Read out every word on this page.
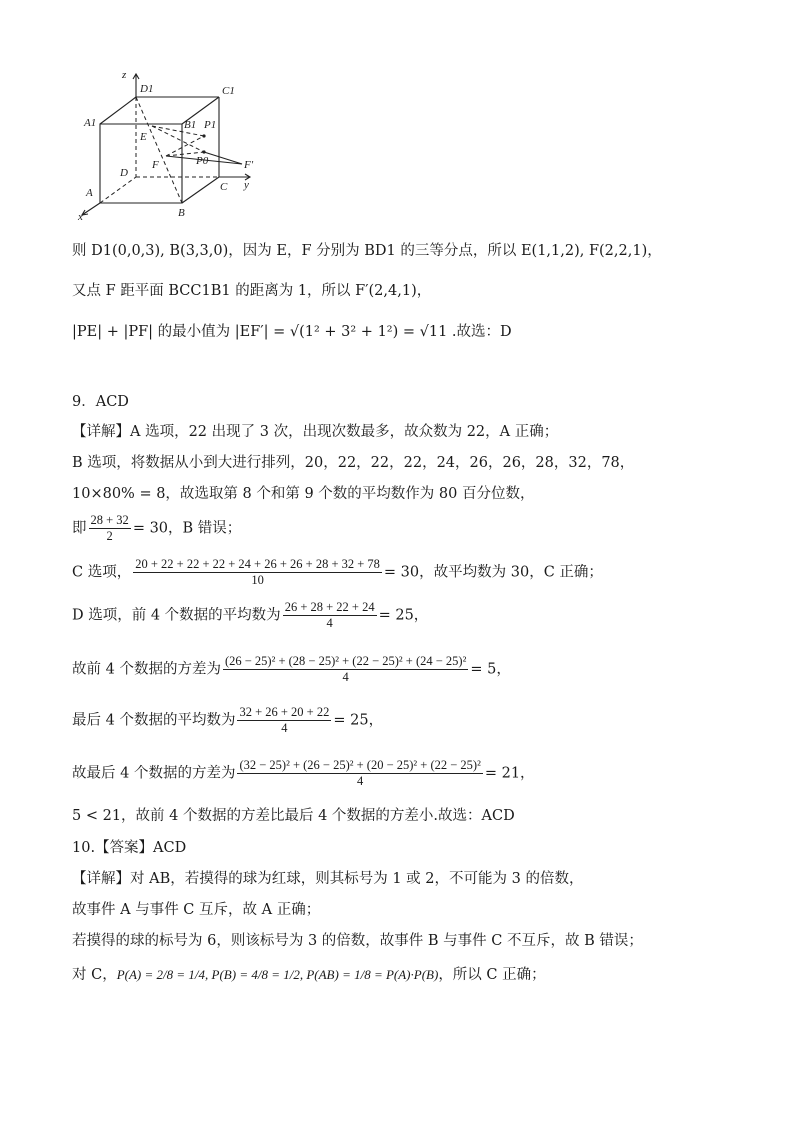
z
D1	C1
A1	B1 P1
E
F	P0	F′
D
A
B
C y
x
则 D1(0,0,3), B(3,3,0)，因为 E，F 分别为 BD1 的三等分点，所以 E(1,1,2), F(2,2,1)，
又点 F 距平面 BCC1B1 的距离为 1，所以 F′(2,4,1)，
|PE| + |PF| 的最小值为 |EF′| = √(1² + 3² + 1²) = √11 .故选：D
9．ACD
【详解】A 选项，22 出现了 3 次，出现次数最多，故众数为 22，A 正确；
B 选项，将数据从小到大进行排列，20，22，22，22，24，26，26，28，32，78，
10×80% = 8，故选取第 8 个和第 9 个数的平均数作为 80 百分位数，
即 $\frac{28 + 32}{2} = 30$，B 错误；
C 选项， $\frac{20 + 22 + 22 + 22 + 24 + 26 + 26 + 28 + 32 + 78}{10} = 30$，故平均数为 30，C 正确；
D 选项，前 4 个数据的平均数为 $\frac{26 + 28 + 22 + 24}{4} = 25$，
故前 4 个数据的方差为 $\frac{\text{(26 − 25)² + (28 − 25)² + (22 − 25)² + (24 − 25)²}}{4} = 5$，
最后 4 个数据的平均数为 $\frac{32 + 26 + 20 + 22}{4} = 25$，
故最后 4 个数据的方差为 $\frac{\text{(32 − 25)² + (26 − 25)² + (20 − 25)² + (22 − 25)²}}{4} = 21$，
5 < 21，故前 4 个数据的方差比最后 4 个数据的方差小.故选：ACD
10.【答案】ACD
【详解】对 AB，若摸得的球为红球，则其标号为 1 或 2，不可能为 3 的倍数，
故事件 A 与事件 C 互斥，故 A 正确；
若摸得的球的标号为 6，则该标号为 3 的倍数，故事件 B 与事件 C 不互斥，故 B 错误；
对 C，P(A) = 2/8 = 1/4, P(B) = 4/8 = 1/2, P(AB) = 1/8 = P(A)·P(B)，所以 C 正确；
